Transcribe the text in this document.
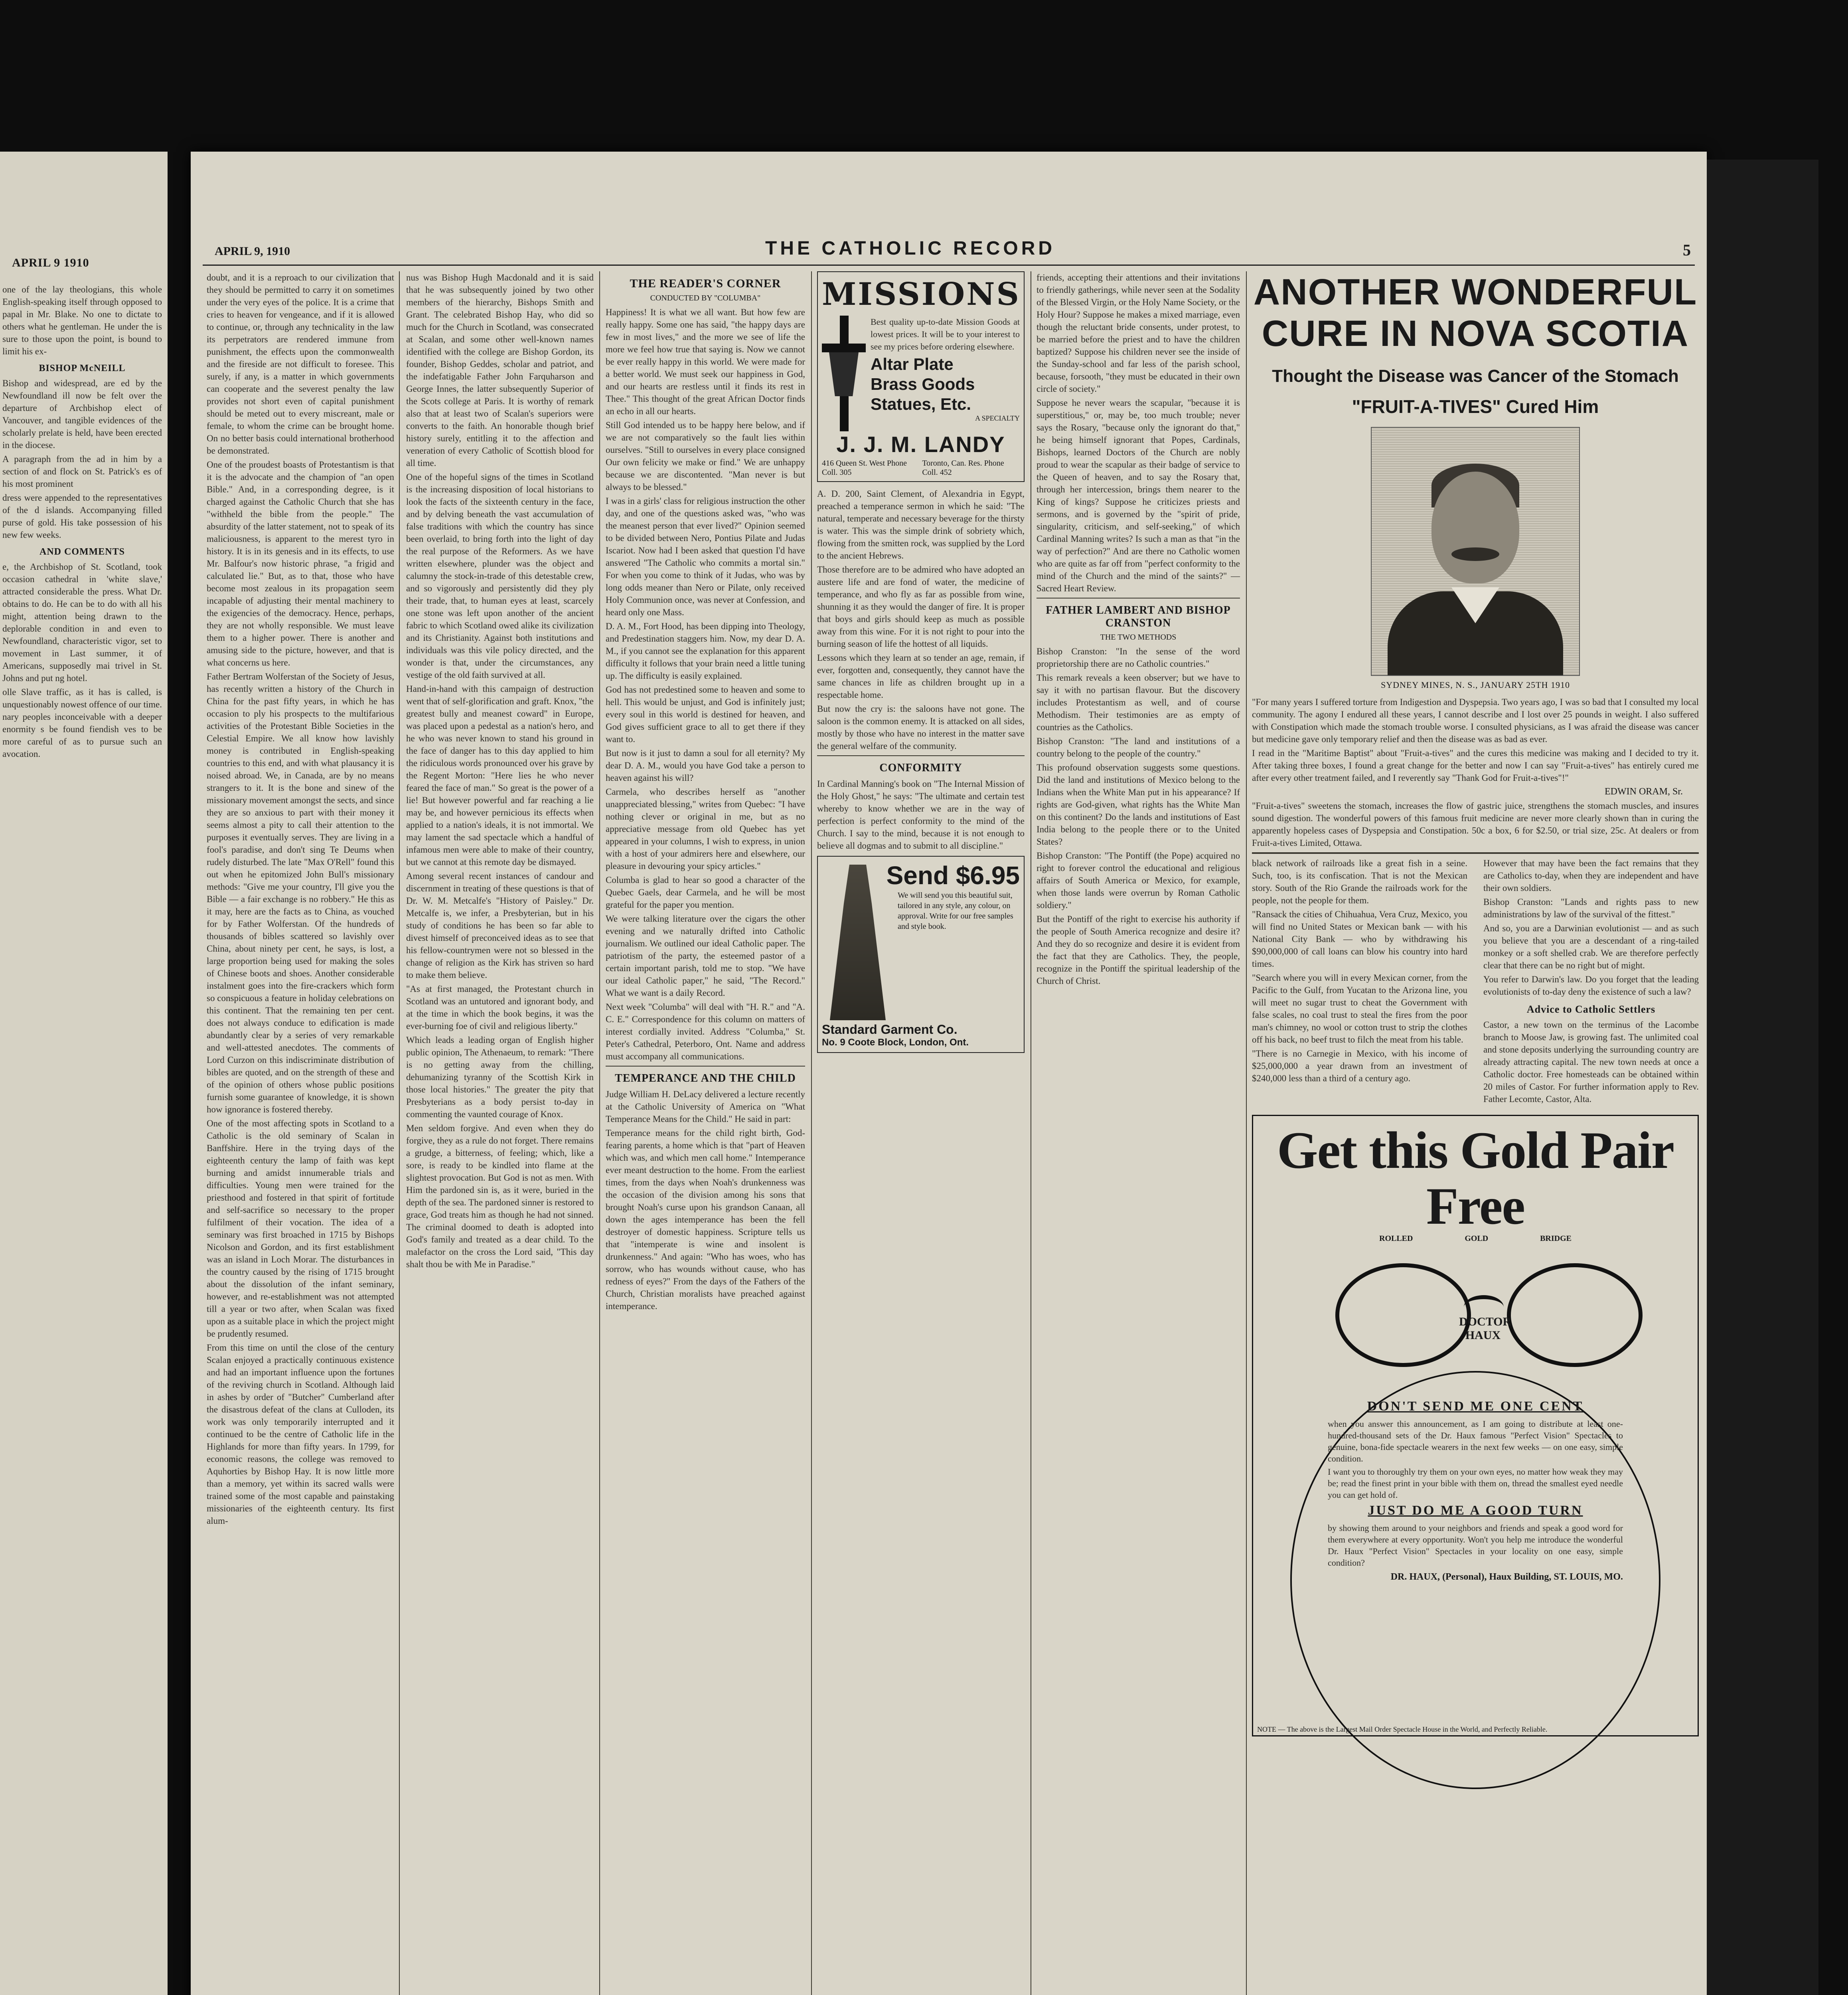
APRIL 9 1910

one of the lay theologians, this whole English-speaking itself through opposed to papal in Mr. Blake. No one to dictate to others what he gentleman. He under the is sure to those upon the point, is bound to limit his ex-

BISHOP McNEILL

Bishop and widespread, are ed by the Newfoundland ill now be felt over the departure of Archbishop elect of Vancouver, and tangible evidences of the scholarly prelate is held, have been erected in the diocese.

A paragraph from the ad in him by a section of and flock on St. Patrick's es of his most prominent

dress were appended to the representatives of the d islands. Accompanying filled purse of gold. His take possession of his new few weeks.

AND COMMENTS

e, the Archbishop of St. Scotland, took occasion cathedral in 'white slave,' attracted considerable the press. What Dr. obtains to do. He can be to do with all his might, attention being drawn to the deplorable condition in and even to Newfoundland, characteristic vigor, set to movement in Last summer, it of Americans, supposedly mai trivel in St. Johns and put ng hotel.

olle Slave traffic, as it has is called, is unquestionably nowest offence of our time. nary peoples inconceivable with a deeper enormity s be found fiendish ves to be more careful of as to pursue such an avocation.

APRIL 9, 1910	THE CATHOLIC RECORD	5

doubt, and it is a reproach to our civilization that they should be permitted to carry it on sometimes under the very eyes of the police. It is a crime that cries to heaven for vengeance, and if it is allowed to continue, or, through any technicality in the law its perpetrators are rendered immune from punishment, the effects upon the commonwealth and the fireside are not difficult to foresee. This surely, if any, is a matter in which governments can cooperate and the severest penalty the law provides not short even of capital punishment should be meted out to every miscreant, male or female, to whom the crime can be brought home. On no better basis could international brotherhood be demonstrated.

One of the proudest boasts of Protestantism is that it is the advocate and the champion of "an open Bible." And, in a corresponding degree, is it charged against the Catholic Church that she has "withheld the bible from the people." The absurdity of the latter statement, not to speak of its maliciousness, is apparent to the merest tyro in history. It is in its genesis and in its effects, to use Mr. Balfour's now historic phrase, "a frigid and calculated lie." But, as to that, those who have become most zealous in its propagation seem incapable of adjusting their mental machinery to the exigencies of the democracy. Hence, perhaps, they are not wholly responsible. We must leave them to a higher power. There is another and amusing side to the picture, however, and that is what concerns us here.

Father Bertram Wolferstan of the Society of Jesus, has recently written a history of the Church in China for the past fifty years, in which he has occasion to ply his prospects to the multifarious activities of the Protestant Bible Societies in the Celestial Empire. We all know how lavishly money is contributed in English-speaking countries to this end, and with what plausancy it is noised abroad. We, in Canada, are by no means strangers to it. It is the bone and sinew of the missionary movement amongst the sects, and since they are so anxious to part with their money it seems almost a pity to call their attention to the purposes it eventually serves. They are living in a fool's paradise, and don't sing Te Deums when rudely disturbed. The late "Max O'Rell" found this out when he epitomized John Bull's missionary methods: "Give me your country, I'll give you the Bible — a fair exchange is no robbery." He this as it may, here are the facts as to China, as vouched for by Father Wolferstan. Of the hundreds of thousands of bibles scattered so lavishly over China, about ninety per cent, he says, is lost, a large proportion being used for making the soles of Chinese boots and shoes. Another considerable instalment goes into the fire-crackers which form so conspicuous a feature in holiday celebrations on this continent. That the remaining ten per cent. does not always conduce to edification is made abundantly clear by a series of very remarkable and well-attested anecdotes. The comments of Lord Curzon on this indiscriminate distribution of bibles are quoted, and on the strength of these and of the opinion of others whose public positions furnish some guarantee of knowledge, it is shown how ignorance is fostered thereby.

One of the most affecting spots in Scotland to a Catholic is the old seminary of Scalan in Banffshire. Here in the trying days of the eighteenth century the lamp of faith was kept burning and amidst innumerable trials and difficulties. Young men were trained for the priesthood and fostered in that spirit of fortitude and self-sacrifice so necessary to the proper fulfilment of their vocation. The idea of a seminary was first broached in 1715 by Bishops Nicolson and Gordon, and its first establishment was an island in Loch Morar. The disturbances in the country caused by the rising of 1715 brought about the dissolution of the infant seminary, however, and re-establishment was not attempted till a year or two after, when Scalan was fixed upon as a suitable place in which the project might be prudently resumed.

From this time on until the close of the century Scalan enjoyed a practically continuous existence and had an important influence upon the fortunes of the reviving church in Scotland. Although laid in ashes by order of "Butcher" Cumberland after the disastrous defeat of the clans at Culloden, its work was only temporarily interrupted and it continued to be the centre of Catholic life in the Highlands for more than fifty years. In 1799, for economic reasons, the college was removed to Aquhorties by Bishop Hay. It is now little more than a memory, yet within its sacred walls were trained some of the most capable and painstaking missionaries of the eighteenth century. Its first alum-

nus was Bishop Hugh Macdonald and it is said that he was subsequently joined by two other members of the hierarchy, Bishops Smith and Grant. The celebrated Bishop Hay, who did so much for the Church in Scotland, was consecrated at Scalan, and some other well-known names identified with the college are Bishop Gordon, its founder, Bishop Geddes, scholar and patriot, and the indefatigable Father John Farquharson and George Innes, the latter subsequently Superior of the Scots college at Paris. It is worthy of remark also that at least two of Scalan's superiors were converts to the faith. An honorable though brief history surely, entitling it to the affection and veneration of every Catholic of Scottish blood for all time.

One of the hopeful signs of the times in Scotland is the increasing disposition of local historians to look the facts of the sixteenth century in the face, and by delving beneath the vast accumulation of false traditions with which the country has since been overlaid, to bring forth into the light of day the real purpose of the Reformers. As we have written elsewhere, plunder was the object and calumny the stock-in-trade of this detestable crew, and so vigorously and persistently did they ply their trade, that, to human eyes at least, scarcely one stone was left upon another of the ancient fabric to which Scotland owed alike its civilization and its Christianity. Against both institutions and individuals was this vile policy directed, and the wonder is that, under the circumstances, any vestige of the old faith survived at all.

Hand-in-hand with this campaign of destruction went that of self-glorification and graft. Knox, "the greatest bully and meanest coward" in Europe, was placed upon a pedestal as a nation's hero, and he who was never known to stand his ground in the face of danger has to this day applied to him the ridiculous words pronounced over his grave by the Regent Morton: "Here lies he who never feared the face of man." So great is the power of a lie! But however powerful and far reaching a lie may be, and however pernicious its effects when applied to a nation's ideals, it is not immortal. We may lament the sad spectacle which a handful of infamous men were able to make of their country, but we cannot at this remote day be dismayed.

Among several recent instances of candour and discernment in treating of these questions is that of Dr. W. M. Metcalfe's "History of Paisley." Dr. Metcalfe is, we infer, a Presbyterian, but in his study of conditions he has been so far able to divest himself of preconceived ideas as to see that his fellow-countrymen were not so blessed in the change of religion as the Kirk has striven so hard to make them believe.

"As at first managed, the Protestant church in Scotland was an untutored and ignorant body, and at the time in which the book begins, it was the ever-burning foe of civil and religious liberty."

Which leads a leading organ of English higher public opinion, The Athenaeum, to remark: "There is no getting away from the chilling, dehumanizing tyranny of the Scottish Kirk in those local histories." The greater the pity that Presbyterians as a body persist to-day in commenting the vaunted courage of Knox.

Men seldom forgive. And even when they do forgive, they as a rule do not forget. There remains a grudge, a bitterness, of feeling; which, like a sore, is ready to be kindled into flame at the slightest provocation. But God is not as men. With Him the pardoned sin is, as it were, buried in the depth of the sea. The pardoned sinner is restored to grace, God treats him as though he had not sinned. The criminal doomed to death is adopted into God's family and treated as a dear child. To the malefactor on the cross the Lord said, "This day shalt thou be with Me in Paradise."

THE READER'S CORNER
CONDUCTED BY "COLUMBA"

Happiness! It is what we all want. But how few are really happy. Some one has said, "the happy days are few in most lives," and the more we see of life the more we feel how true that saying is. Now we cannot be ever really happy in this world. We were made for a better world. We must seek our happiness in God, and our hearts are restless until it finds its rest in Thee." This thought of the great African Doctor finds an echo in all our hearts.

Still God intended us to be happy here below, and if we are not comparatively so the fault lies within ourselves. "Still to ourselves in every place consigned Our own felicity we make or find." We are unhappy because we are discontented. "Man never is but always to be blessed."

I was in a girls' class for religious instruction the other day, and one of the questions asked was, "who was the meanest person that ever lived?" Opinion seemed to be divided between Nero, Pontius Pilate and Judas Iscariot. Now had I been asked that question I'd have answered "The Catholic who commits a mortal sin." For when you come to think of it Judas, who was by long odds meaner than Nero or Pilate, only received Holy Communion once, was never at Confession, and heard only one Mass.

D. A. M., Fort Hood, has been dipping into Theology, and Predestination staggers him. Now, my dear D. A. M., if you cannot see the explanation for this apparent difficulty it follows that your brain need a little tuning up. The difficulty is easily explained.

God has not predestined some to heaven and some to hell. This would be unjust, and God is infinitely just; every soul in this world is destined for heaven, and God gives sufficient grace to all to get there if they want to.

But now is it just to damn a soul for all eternity? My dear D. A. M., would you have God take a person to heaven against his will?

Carmela, who describes herself as "another unappreciated blessing," writes from Quebec: "I have nothing clever or original in me, but as no appreciative message from old Quebec has yet appeared in your columns, I wish to express, in union with a host of your admirers here and elsewhere, our pleasure in devouring your spicy articles."

Columba is glad to hear so good a character of the Quebec Gaels, dear Carmela, and he will be most grateful for the paper you mention.

We were talking literature over the cigars the other evening and we naturally drifted into Catholic journalism. We outlined our ideal Catholic paper. The patriotism of the party, the esteemed pastor of a certain important parish, told me to stop. "We have our ideal Catholic paper," he said, "The Record." What we want is a daily Record.

Next week "Columba" will deal with "H. R." and "A. C. E." Correspondence for this column on matters of interest cordially invited. Address "Columba," St. Peter's Cathedral, Peterboro, Ont. Name and address must accompany all communications.

TEMPERANCE AND THE CHILD

Judge William H. DeLacy delivered a lecture recently at the Catholic University of America on "What Temperance Means for the Child." He said in part:

Temperance means for the child right birth, God-fearing parents, a home which is that "part of Heaven which was, and which men call home." Intemperance ever meant destruction to the home. From the earliest times, from the days when Noah's drunkenness was the occasion of the division among his sons that brought Noah's curse upon his grandson Canaan, all down the ages intemperance has been the fell destroyer of domestic happiness. Scripture tells us that "intemperate is wine and insolent is drunkenness." And again: "Who has woes, who has sorrow, who has wounds without cause, who has redness of eyes?" From the days of the Fathers of the Church, Christian moralists have preached against intemperance.

MISSIONS

Best quality up-to-date Mission Goods at lowest prices. It will be to your interest to see my prices before ordering elsewhere.

Altar Plate
Brass Goods
Statues, Etc.
A SPECIALTY
J. J. M. LANDY
416 Queen St. West Phone Coll. 305
Toronto, Can. Res. Phone Coll. 452

A. D. 200, Saint Clement, of Alexandria in Egypt, preached a temperance sermon in which he said: "The natural, temperate and necessary beverage for the thirsty is water. This was the simple drink of sobriety which, flowing from the smitten rock, was supplied by the Lord to the ancient Hebrews.

Those therefore are to be admired who have adopted an austere life and are fond of water, the medicine of temperance, and who fly as far as possible from wine, shunning it as they would the danger of fire. It is proper that boys and girls should keep as much as possible away from this wine. For it is not right to pour into the burning season of life the hottest of all liquids.

Lessons which they learn at so tender an age, remain, if ever, forgotten and, consequently, they cannot have the same chances in life as children brought up in a respectable home.

But now the cry is: the saloons have not gone. The saloon is the common enemy. It is attacked on all sides, mostly by those who have no interest in the matter save the general welfare of the community.

CONFORMITY

In Cardinal Manning's book on "The Internal Mission of the Holy Ghost," he says: "The ultimate and certain test whereby to know whether we are in the way of perfection is perfect conformity to the mind of the Church. I say to the mind, because it is not enough to believe all dogmas and to submit to all discipline."

Send $6.95
We will send you this beautiful suit, tailored in any style, any colour, on approval. Write for our free samples and style book.
Standard Garment Co.
No. 9 Coote Block, London, Ont.

friends, accepting their attentions and their invitations to friendly gatherings, while never seen at the Sodality of the Blessed Virgin, or the Holy Name Society, or the Holy Hour? Suppose he makes a mixed marriage, even though the reluctant bride consents, under protest, to be married before the priest and to have the children baptized? Suppose his children never see the inside of the Sunday-school and far less of the parish school, because, forsooth, "they must be educated in their own circle of society."

Suppose he never wears the scapular, "because it is superstitious," or, may be, too much trouble; never says the Rosary, "because only the ignorant do that," he being himself ignorant that Popes, Cardinals, Bishops, learned Doctors of the Church are nobly proud to wear the scapular as their badge of service to the Queen of heaven, and to say the Rosary that, through her intercession, brings them nearer to the King of kings? Suppose he criticizes priests and sermons, and is governed by the "spirit of pride, singularity, criticism, and self-seeking," of which Cardinal Manning writes? Is such a man as that "in the way of perfection?" And are there no Catholic women who are quite as far off from "perfect conformity to the mind of the Church and the mind of the saints?" — Sacred Heart Review.

FATHER LAMBERT AND BISHOP CRANSTON
THE TWO METHODS

Bishop Cranston: "In the sense of the word proprietorship there are no Catholic countries."

This remark reveals a keen observer; but we have to say it with no partisan flavour. But the discovery includes Protestantism as well, and of course Methodism. Their testimonies are as empty of countries as the Catholics.

Bishop Cranston: "The land and institutions of a country belong to the people of the country."

This profound observation suggests some questions. Did the land and institutions of Mexico belong to the Indians when the White Man put in his appearance? If rights are God-given, what rights has the White Man on this continent? Do the lands and institutions of East India belong to the people there or to the United States?

Bishop Cranston: "The Pontiff (the Pope) acquired no right to forever control the educational and religious affairs of South America or Mexico, for example, when those lands were overrun by Roman Catholic soldiery."

But the Pontiff of the right to exercise his authority if the people of South America recognize and desire it? And they do so recognize and desire it is evident from the fact that they are Catholics. They, the people, recognize in the Pontiff the spiritual leadership of the Church of Christ.

ANOTHER WONDERFUL
CURE IN NOVA SCOTIA
Thought the Disease was Cancer of the Stomach
"FRUIT-A-TIVES" Cured Him
SYDNEY MINES, N. S., JANUARY 25TH 1910

"For many years I suffered torture from Indigestion and Dyspepsia. Two years ago, I was so bad that I consulted my local community. The agony I endured all these years, I cannot describe and I lost over 25 pounds in weight. I also suffered with Constipation which made the stomach trouble worse. I consulted physicians, as I was afraid the disease was cancer but medicine gave only temporary relief and then the disease was as bad as ever.

I read in the "Maritime Baptist" about "Fruit-a-tives" and the cures this medicine was making and I decided to try it. After taking three boxes, I found a great change for the better and now I can say "Fruit-a-tives" has entirely cured me after every other treatment failed, and I reverently say "Thank God for Fruit-a-tives"!"

EDWIN ORAM, Sr.

"Fruit-a-tives" sweetens the stomach, increases the flow of gastric juice, strengthens the stomach muscles, and insures sound digestion. The wonderful powers of this famous fruit medicine are never more clearly shown than in curing the apparently hopeless cases of Dyspepsia and Constipation. 50c a box, 6 for $2.50, or trial size, 25c. At dealers or from Fruit-a-tives Limited, Ottawa.

black network of railroads like a great fish in a seine. Such, too, is its confiscation. That is not the Mexican story. South of the Rio Grande the railroads work for the people, not the people for them.

"Ransack the cities of Chihuahua, Vera Cruz, Mexico, you will find no United States or Mexican bank — with his National City Bank — who by withdrawing his $90,000,000 of call loans can blow his country into hard times.

"Search where you will in every Mexican corner, from the Pacific to the Gulf, from Yucatan to the Arizona line, you will meet no sugar trust to cheat the Government with false scales, no coal trust to steal the fires from the poor man's chimney, no wool or cotton trust to strip the clothes off his back, no beef trust to filch the meat from his table.

"There is no Carnegie in Mexico, with his income of $25,000,000 a year drawn from an investment of $240,000 less than a third of a century ago.

However that may have been the fact remains that they are Catholics to-day, when they are independent and have their own soldiers.

Bishop Cranston: "Lands and rights pass to new administrations by law of the survival of the fittest."

And so, you are a Darwinian evolutionist — and as such you believe that you are a descendant of a ring-tailed monkey or a soft shelled crab. We are therefore perfectly clear that there can be no right but of might.

You refer to Darwin's law. Do you forget that the leading evolutionists of to-day deny the existence of such a law?

Advice to Catholic Settlers

Castor, a new town on the terminus of the Lacombe branch to Moose Jaw, is growing fast. The unlimited coal and stone deposits underlying the surrounding country are already attracting capital. The new town needs at once a Catholic doctor. Free homesteads can be obtained within 20 miles of Castor. For further information apply to Rev. Father Lecomte, Castor, Alta.

Get this Gold Pair Free
ROLLED	GOLD	BRIDGE
DOCTOR
HAUX
DON'T SEND ME ONE CENT

when you answer this announcement, as I am going to distribute at least one-hundred-thousand sets of the Dr. Haux famous "Perfect Vision" Spectacles to genuine, bona-fide spectacle wearers in the next few weeks — on one easy, simple condition.

I want you to thoroughly try them on your own eyes, no matter how weak they may be; read the finest print in your bible with them on, thread the smallest eyed needle you can get hold of.

JUST DO ME A GOOD TURN

by showing them around to your neighbors and friends and speak a good word for them everywhere at every opportunity. Won't you help me introduce the wonderful Dr. Haux "Perfect Vision" Spectacles in your locality on one easy, simple condition?

DR. HAUX, (Personal), Haux Building, ST. LOUIS, MO.
NOTE — The above is the Largest Mail Order Spectacle House in the World, and Perfectly Reliable.
